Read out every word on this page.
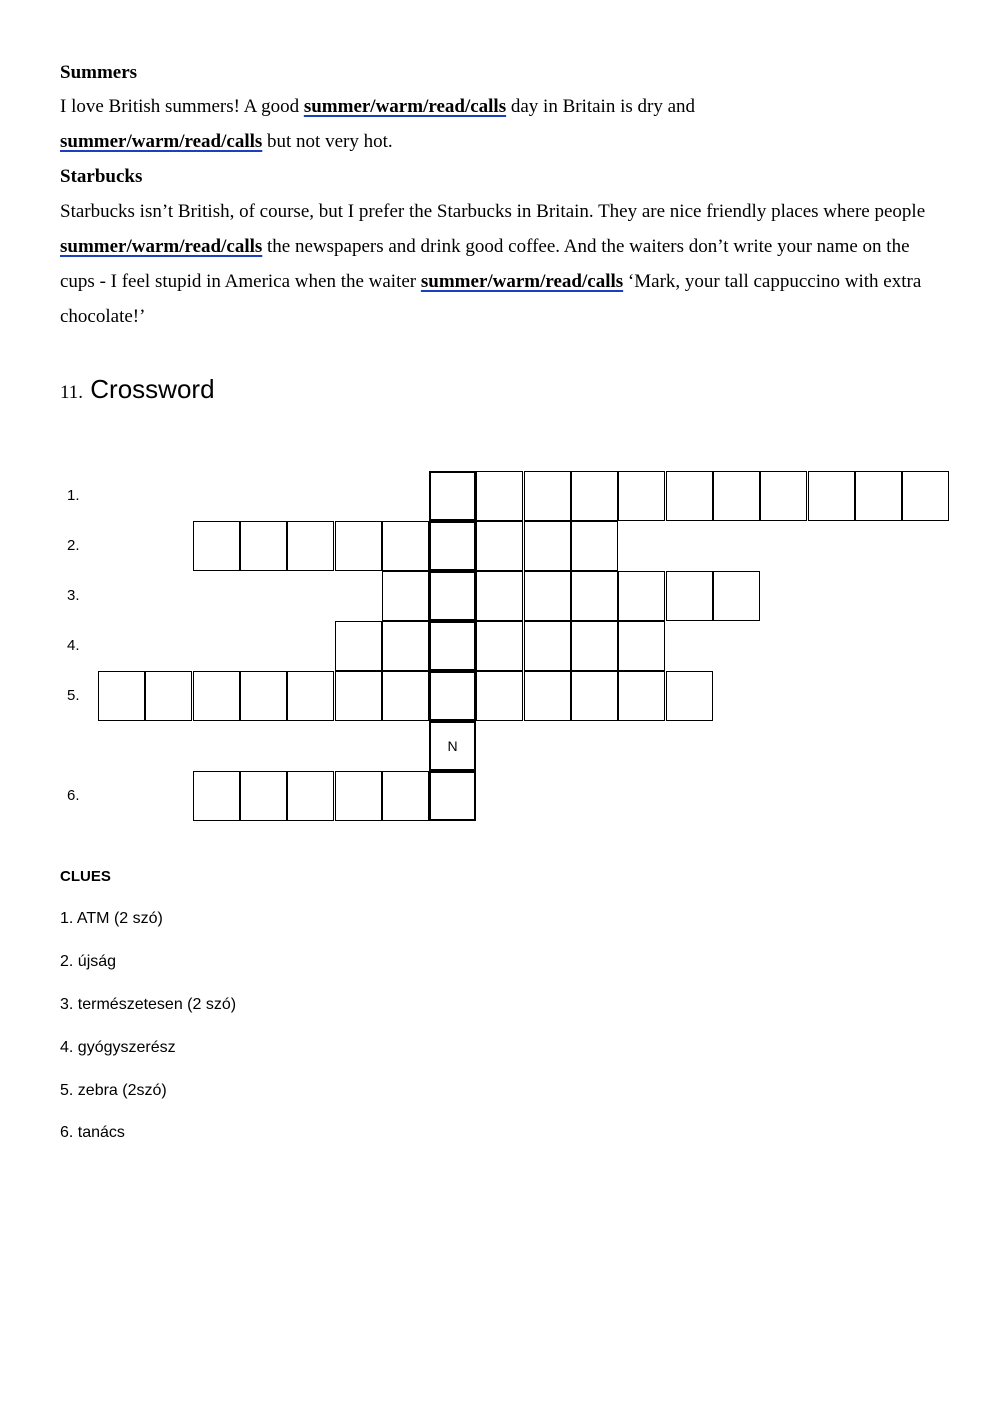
Summers
I love British summers! A good summer/warm/read/calls day in Britain is dry and
summer/warm/read/calls but not very hot.
Starbucks
Starbucks isn’t British, of course, but I prefer the Starbucks in Britain. They are nice friendly places where people summer/warm/read/calls the newspapers and drink good coffee. And the waiters don’t write your name on the cups - I feel stupid in America when the waiter summer/warm/read/calls ‘Mark, your tall cappuccino with extra chocolate!’
11. Crossword
1.
2.
3.
4.
5.
6.
N
CLUES
1. ATM (2 szó)
2. újság
3. természetesen (2 szó)
4. gyógyszerész
5. zebra (2szó)
6. tanács
